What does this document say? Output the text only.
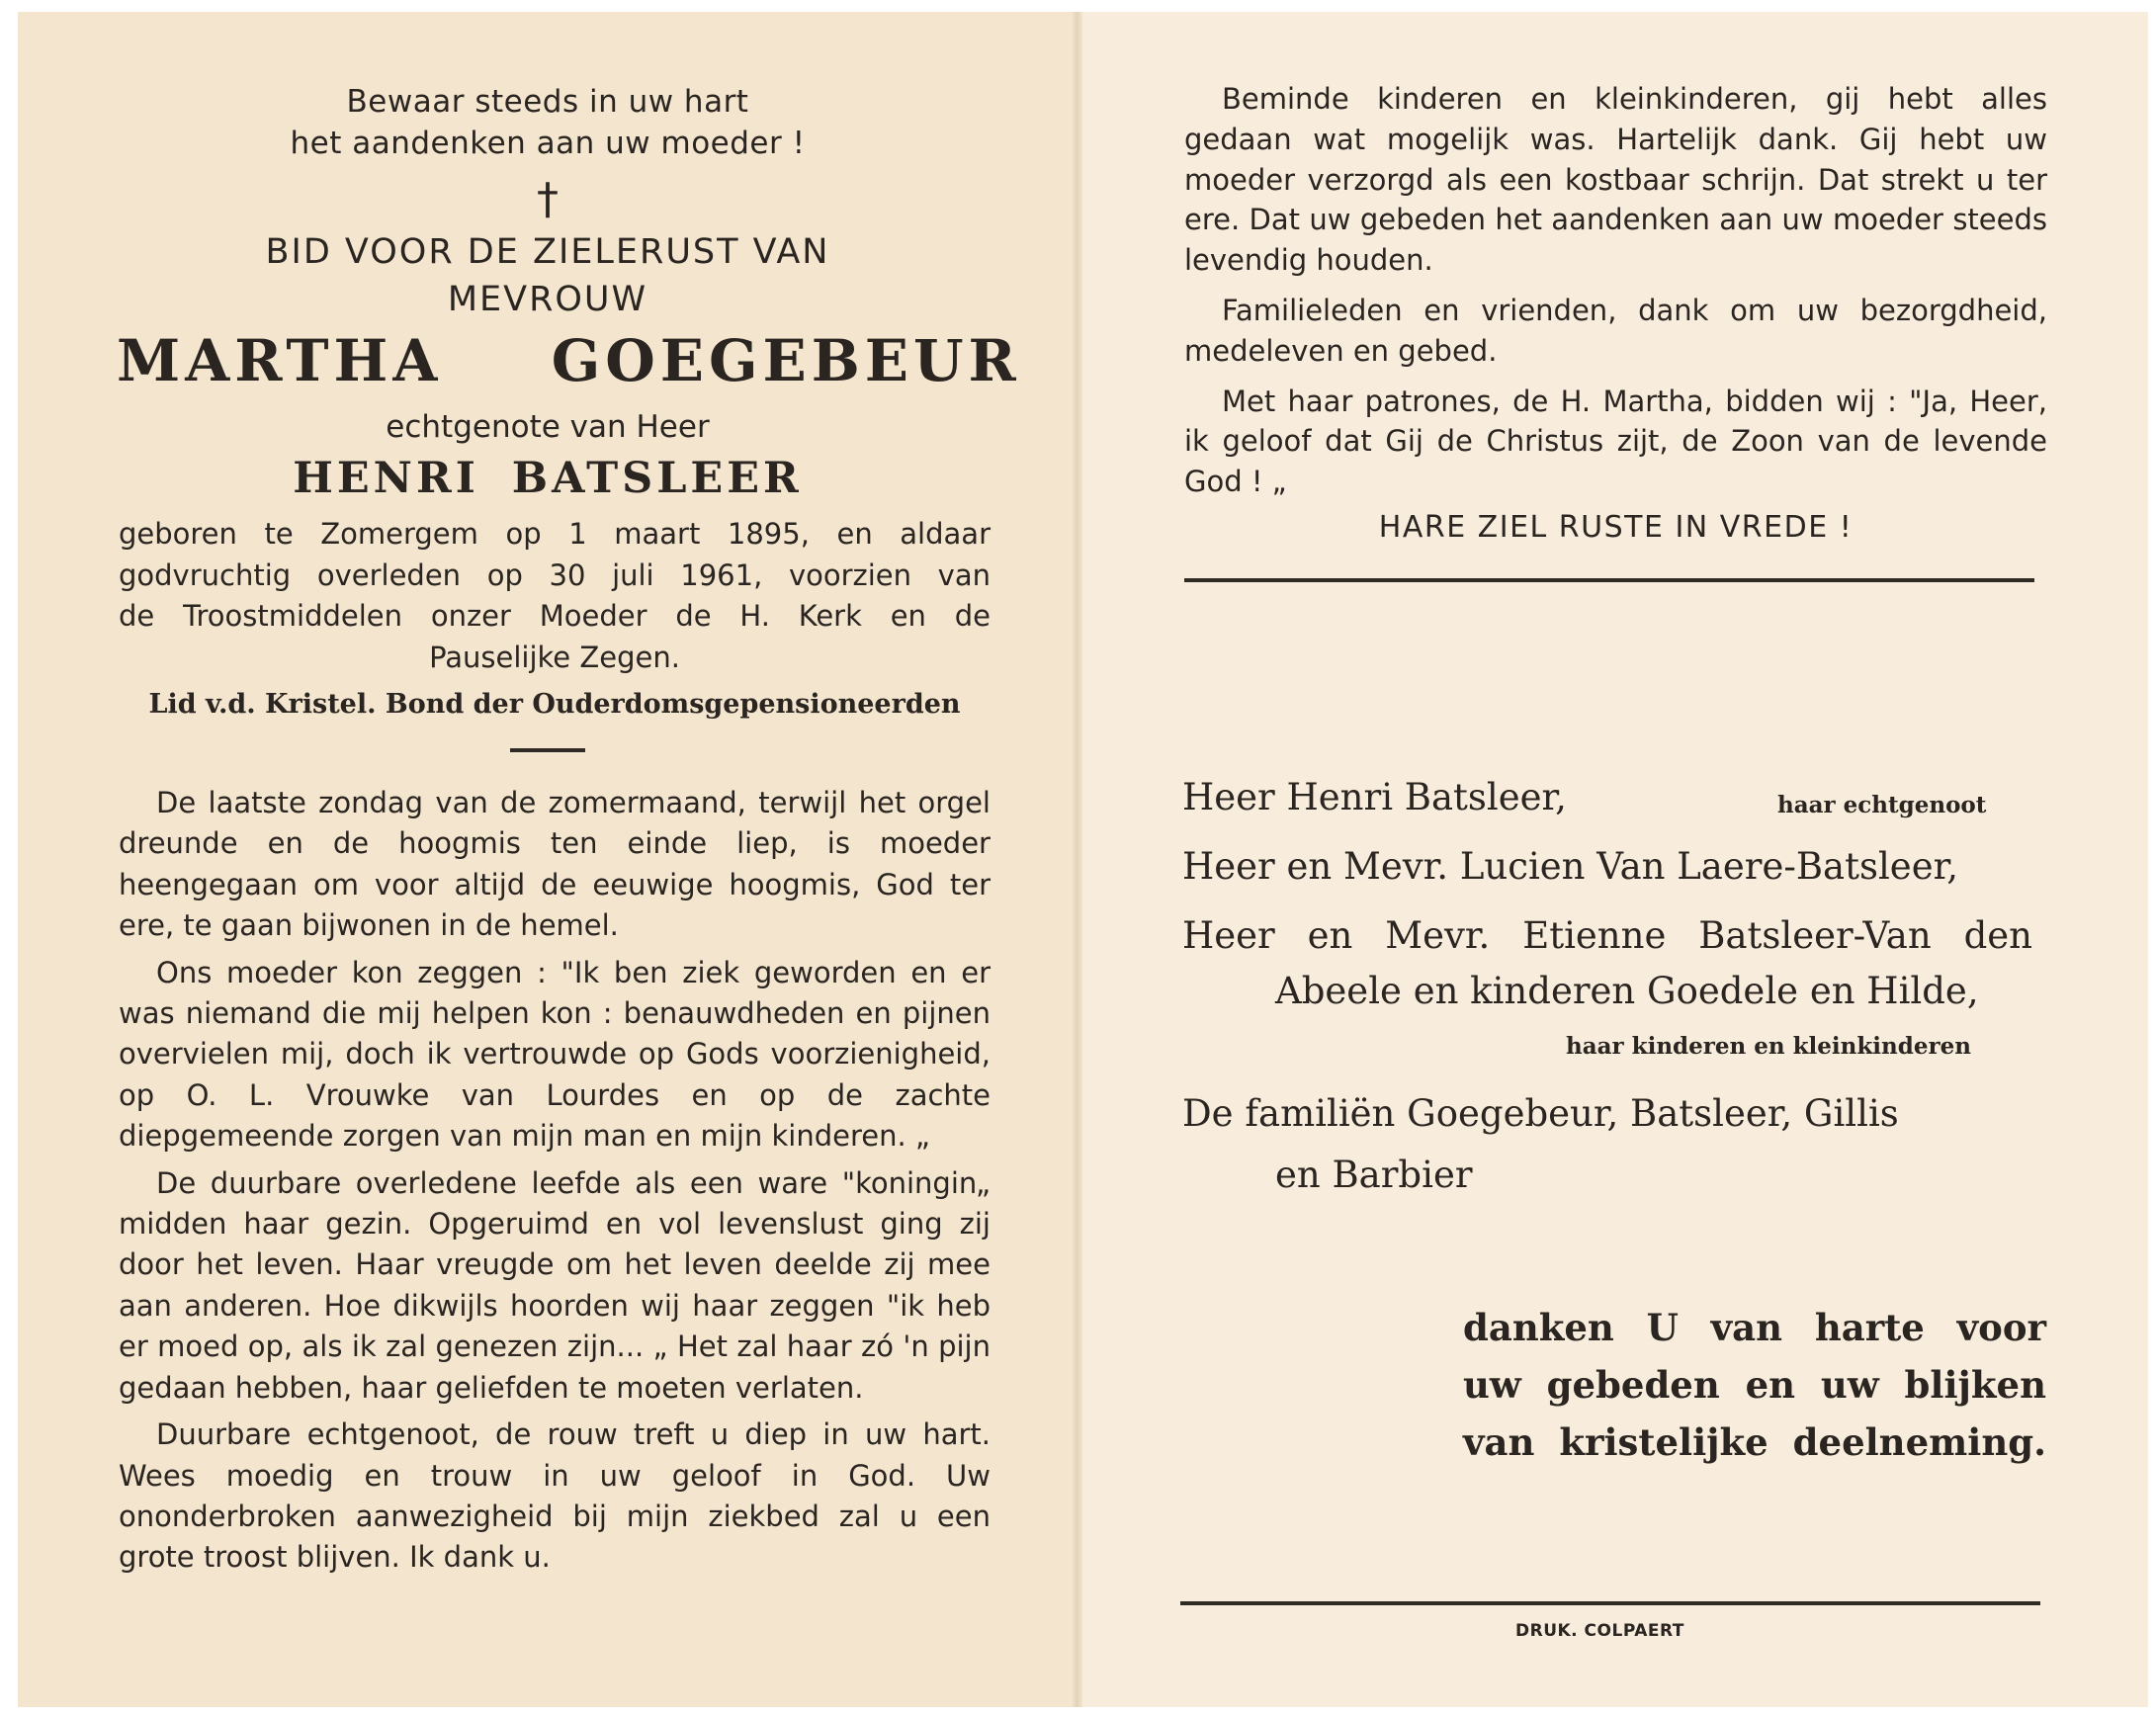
Bewaar steeds in uw hart
het aandenken aan uw moeder !
†
BID VOOR DE ZIELERUST VAN
MEVROUW
MARTHA  GOEGEBEUR
echtgenote van Heer
HENRI BATSLEER
geboren te Zomergem op 1 maart 1895, en aldaar
godvruchtig overleden op 30 juli 1961, voorzien van
de Troostmiddelen onzer Moeder de H. Kerk en de
Pauselijke Zegen.
Lid v.d. Kristel. Bond der Ouderdomsgepensioneerden

De laatste zondag van de zomermaand, terwijl het orgel dreunde en de hoogmis ten einde liep, is moeder heengegaan om voor altijd de eeuwige hoogmis, God ter ere, te gaan bijwonen in de hemel.

Ons moeder kon zeggen : "Ik ben ziek geworden en er was niemand die mij helpen kon : benauwdheden en pijnen overvielen mij, doch ik vertrouwde op Gods voorzienigheid, op O. L. Vrouwke van Lourdes en op de zachte diepgemeende zorgen van mijn man en mijn kinderen. „

De duurbare overledene leefde als een ware "koningin„ midden haar gezin. Opgeruimd en vol levenslust ging zij door het leven. Haar vreugde om het leven deelde zij mee aan anderen. Hoe dikwijls hoorden wij haar zeggen "ik heb er moed op, als ik zal genezen zijn... „ Het zal haar zó 'n pijn gedaan hebben, haar geliefden te moeten verlaten.

Duurbare echtgenoot, de rouw treft u diep in uw hart. Wees moedig en trouw in uw geloof in God. Uw ononderbroken aanwezigheid bij mijn ziekbed zal u een grote troost blijven. Ik dank u.

Beminde kinderen en kleinkinderen, gij hebt alles gedaan wat mogelijk was. Hartelijk dank. Gij hebt uw moeder verzorgd als een kostbaar schrijn. Dat strekt u ter ere. Dat uw gebeden het aandenken aan uw moeder steeds levendig houden.

Familieleden en vrienden, dank om uw bezorgdheid, medeleven en gebed.

Met haar patrones, de H. Martha, bidden wij : "Ja, Heer, ik geloof dat Gij de Christus zijt, de Zoon van de levende God ! „

HARE ZIEL RUSTE IN VREDE !
Heer Henri Batsleer,	haar echtgenoot
Heer en Mevr. Lucien Van Laere-Batsleer,
Heer en Mevr. Etienne Batsleer-Van den
Abeele en kinderen Goedele en Hilde,
haar kinderen en kleinkinderen
De familiën Goegebeur, Batsleer, Gillis
en Barbier
danken U van harte voor
uw gebeden en uw blijken
van kristelijke deelneming.
DRUK. COLPAERT
